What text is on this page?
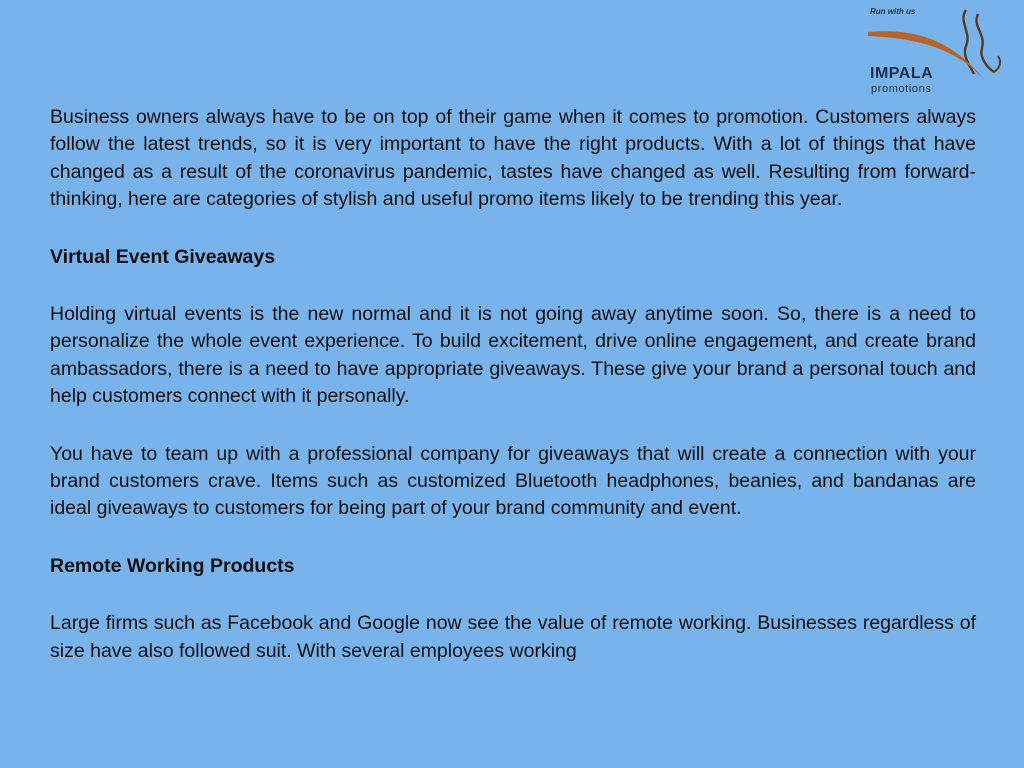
Run with us
IMPALA
promotions

Business owners always have to be on top of their game when it comes to promotion. Customers always follow the latest trends, so it is very important to have the right products. With a lot of things that have changed as a result of the coronavirus pandemic, tastes have changed as well. Resulting from forward-thinking, here are categories of stylish and useful promo items likely to be trending this year.

Virtual Event Giveaways

Holding virtual events is the new normal and it is not going away anytime soon. So, there is a need to personalize the whole event experience. To build excitement, drive online engagement, and create brand ambassadors, there is a need to have appropriate giveaways. These give your brand a personal touch and help customers connect with it personally.

You have to team up with a professional company for giveaways that will create a connection with your brand customers crave. Items such as customized Bluetooth headphones, beanies, and bandanas are ideal giveaways to customers for being part of your brand community and event.

Remote Working Products

Large firms such as Facebook and Google now see the value of remote working. Businesses regardless of size have also followed suit. With several employees working
